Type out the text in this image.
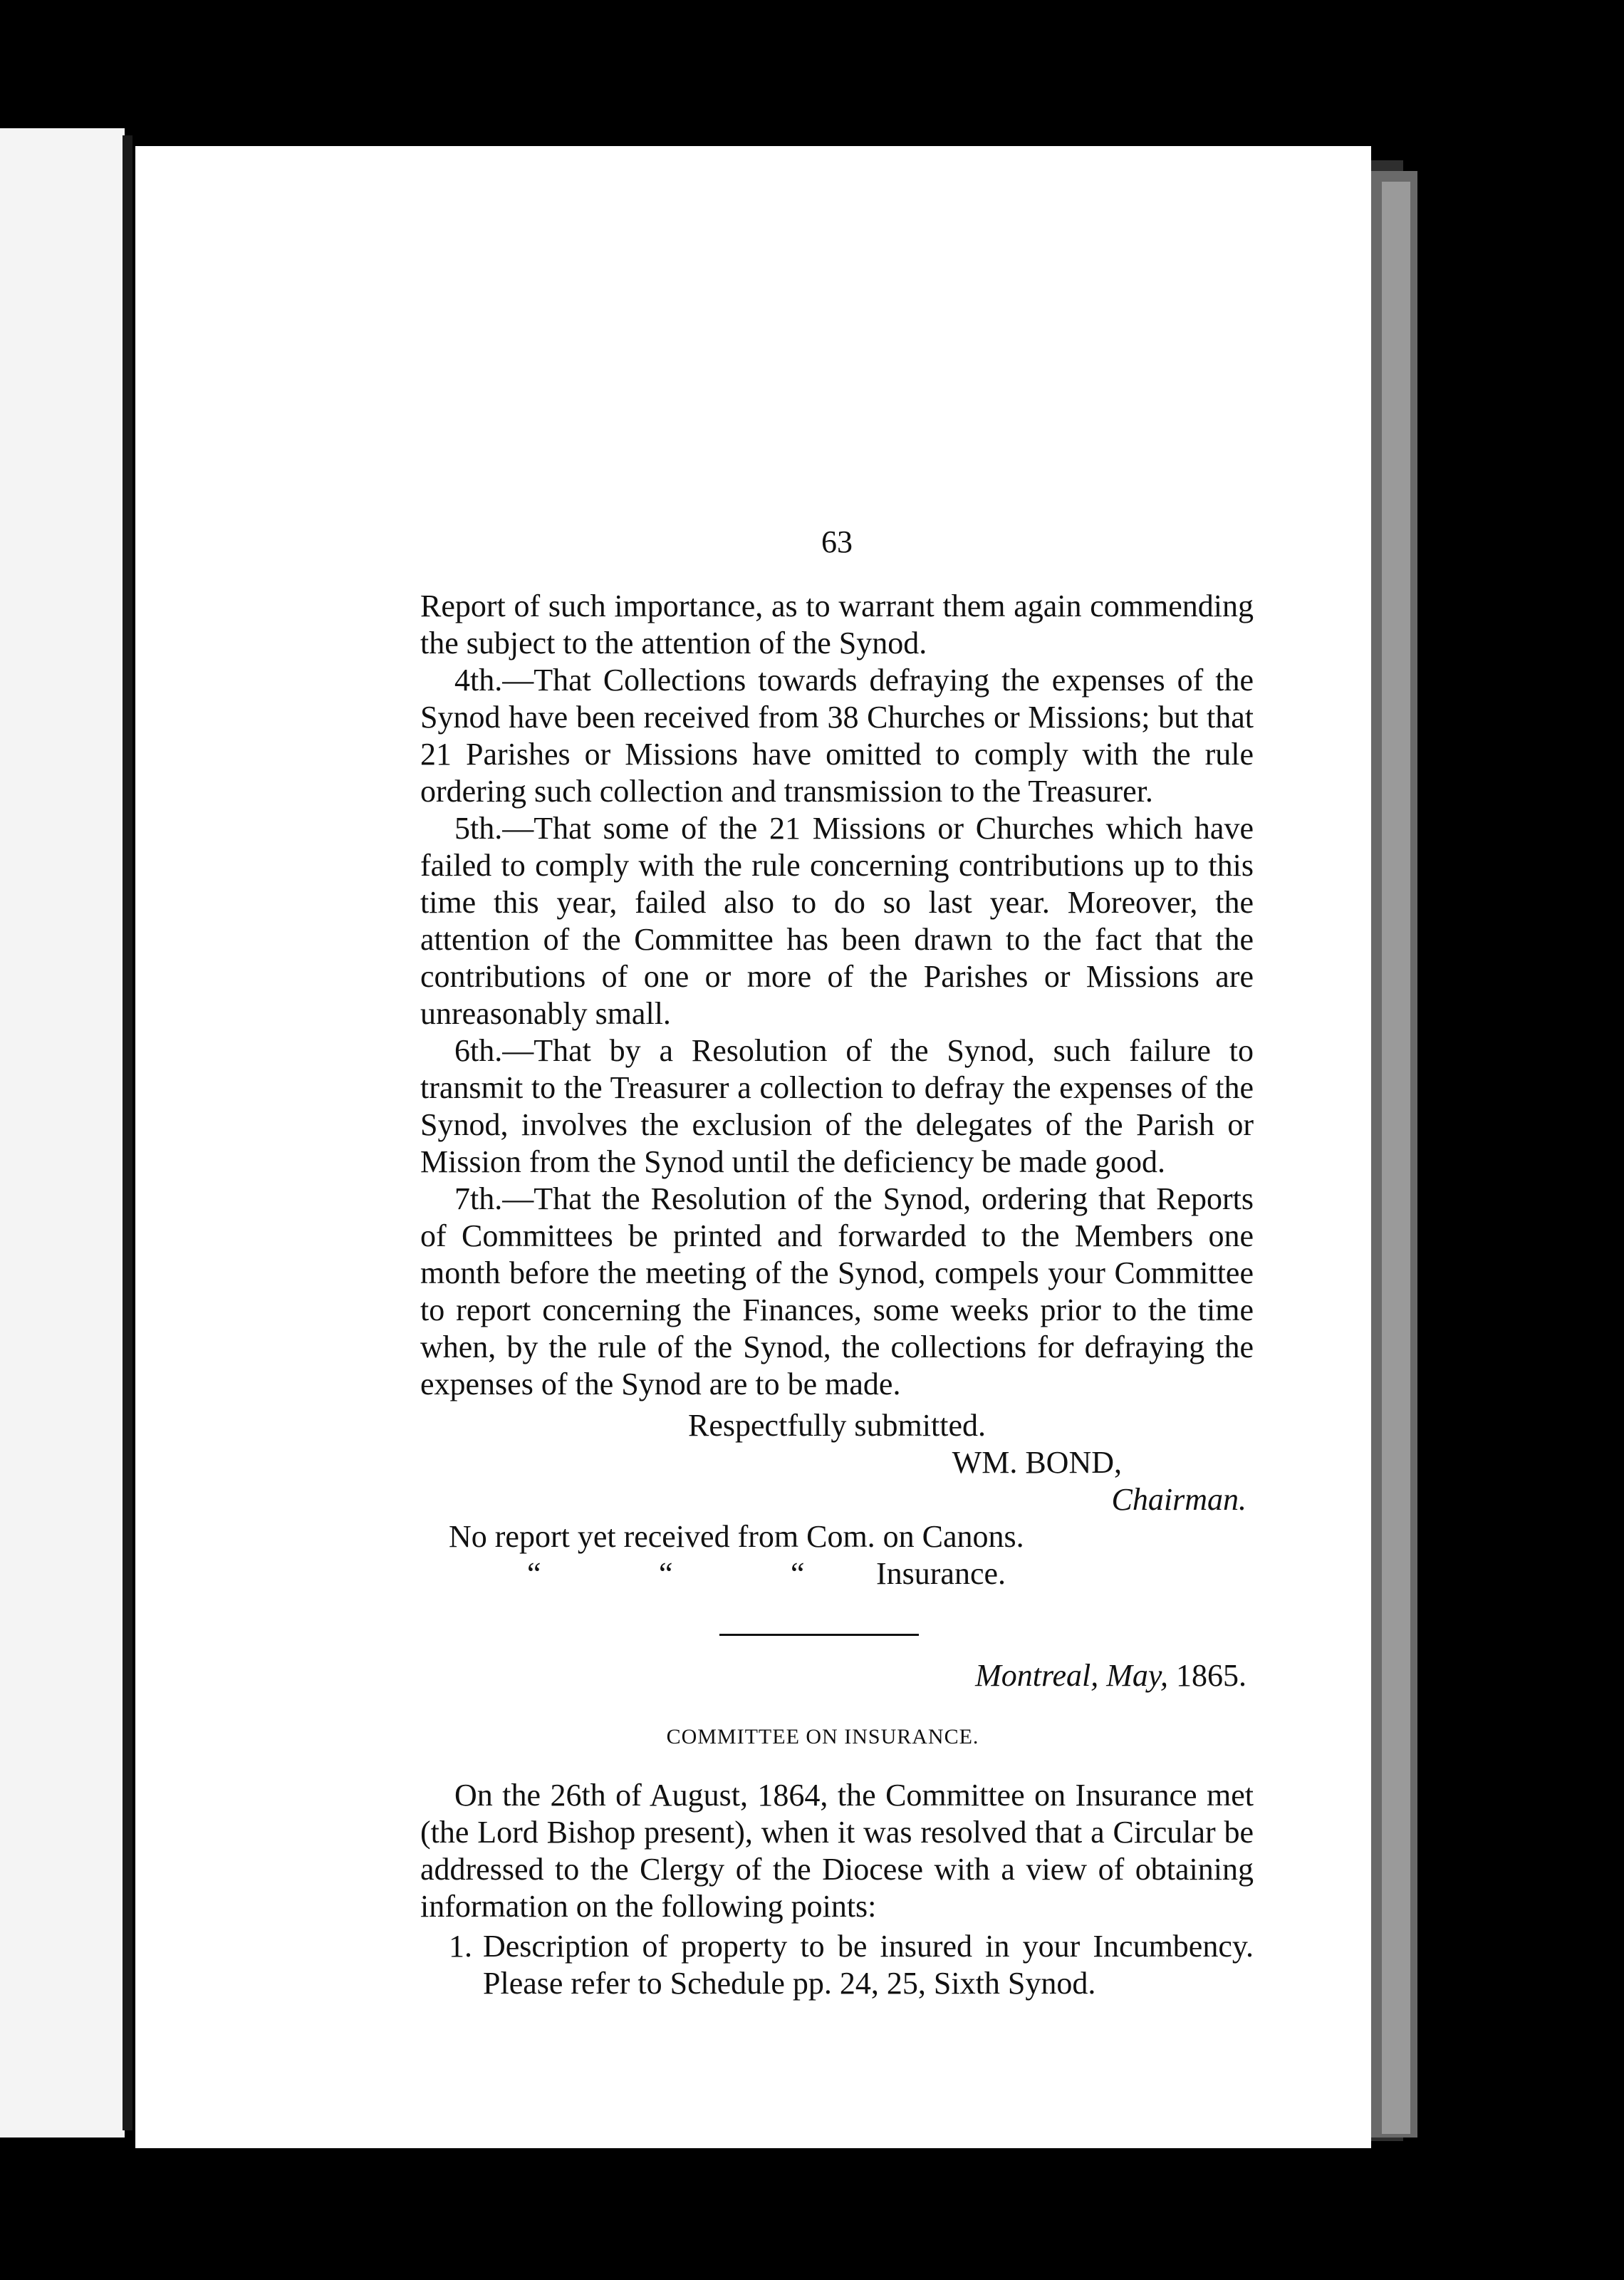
63

Report of such importance, as to warrant them again commending the subject to the attention of the Synod.

4th.—That Collections towards defraying the expenses of the Synod have been received from 38 Churches or Missions; but that 21 Parishes or Missions have omitted to comply with the rule ordering such collection and transmission to the Treasurer.

5th.—That some of the 21 Missions or Churches which have failed to comply with the rule concerning contributions up to this time this year, failed also to do so last year. Moreover, the attention of the Committee has been drawn to the fact that the contributions of one or more of the Parishes or Missions are unreasonably small.

6th.—That by a Resolution of the Synod, such failure to transmit to the Treasurer a collection to defray the expenses of the Synod, involves the exclusion of the delegates of the Parish or Mission from the Synod until the deficiency be made good.

7th.—That the Resolution of the Synod, ordering that Reports of Committees be printed and forwarded to the Members one month before the meeting of the Synod, compels your Committee to report concerning the Finances, some weeks prior to the time when, by the rule of the Synod, the collections for defraying the expenses of the Synod are to be made.

Respectfully submitted.
WM. BOND,
Chairman.
No report yet received from Com. on Canons.
“	“	“	Insurance.
Montreal, May, 1865.
COMMITTEE ON INSURANCE.

On the 26th of August, 1864, the Committee on Insurance met (the Lord Bishop present), when it was resolved that a Circular be addressed to the Clergy of the Diocese with a view of obtaining information on the following points:

1. Description of property to be insured in your Incumbency. Please refer to Schedule pp. 24, 25, Sixth Synod.
